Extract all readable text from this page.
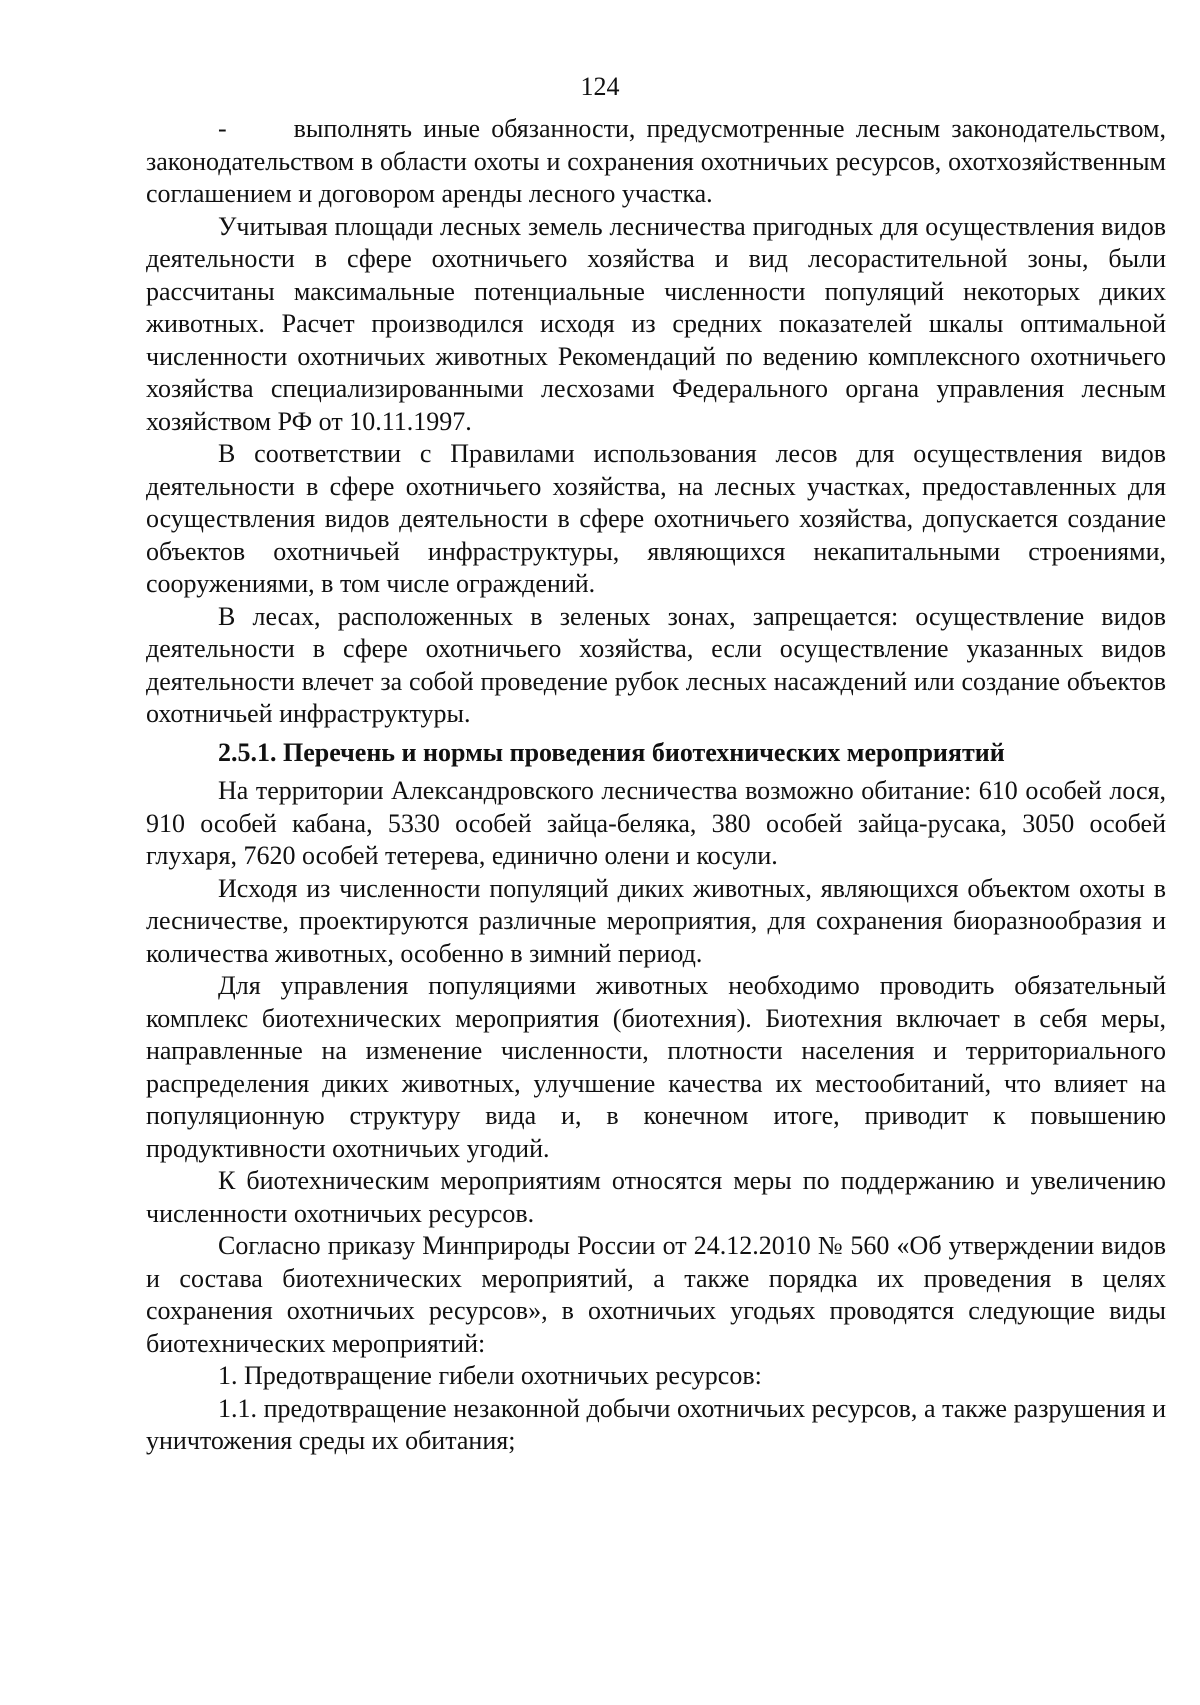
124

-      выполнять иные обязанности, предусмотренные лесным законодательством, законодательством в области охоты и сохранения охотничьих ресурсов, охотхозяйственным соглашением и договором аренды лесного участка.

Учитывая площади лесных земель лесничества пригодных для осуществления видов деятельности в сфере охотничьего хозяйства и вид лесорастительной зоны, были рассчитаны максимальные потенциальные численности популяций некоторых диких животных. Расчет производился исходя из средних показателей шкалы оптимальной численности охотничьих животных Рекомендаций по ведению комплексного охотничьего хозяйства специализированными лесхозами Федерального органа управления лесным хозяйством РФ от 10.11.1997.

В соответствии с Правилами использования лесов для осуществления видов деятельности в сфере охотничьего хозяйства, на лесных участках, предоставленных для осуществления видов деятельности в сфере охотничьего хозяйства, допускается создание объектов охотничьей инфраструктуры, являющихся некапитальными строениями, сооружениями, в том числе ограждений.

В лесах, расположенных в зеленых зонах, запрещается: осуществление видов деятельности в сфере охотничьего хозяйства, если осуществление указанных видов деятельности влечет за собой проведение рубок лесных насаждений или создание объектов охотничьей инфраструктуры.

2.5.1. Перечень и нормы проведения биотехнических мероприятий

На территории Александровского лесничества возможно обитание: 610 особей лося, 910 особей кабана, 5330 особей зайца-беляка, 380 особей зайца-русака, 3050 особей глухаря, 7620 особей тетерева, единично олени и косули.

Исходя из численности популяций диких животных, являющихся объектом охоты в лесничестве, проектируются различные мероприятия, для сохранения биоразнообразия и количества животных, особенно в зимний период.

Для управления популяциями животных необходимо проводить обязательный комплекс биотехнических мероприятия (биотехния). Биотехния включает в себя меры, направленные на изменение численности, плотности населения и территориального распределения диких животных, улучшение качества их местообитаний, что влияет на популяционную структуру вида и, в конечном итоге, приводит к повышению продуктивности охотничьих угодий.

К биотехническим мероприятиям относятся меры по поддержанию и увеличению численности охотничьих ресурсов.

Согласно приказу Минприроды России от 24.12.2010 № 560 «Об утверждении видов и состава биотехнических мероприятий, а также порядка их проведения в целях сохранения охотничьих ресурсов», в охотничьих угодьях проводятся следующие виды биотехнических мероприятий:

1. Предотвращение гибели охотничьих ресурсов:

1.1. предотвращение незаконной добычи охотничьих ресурсов, а также разрушения и уничтожения среды их обитания;
